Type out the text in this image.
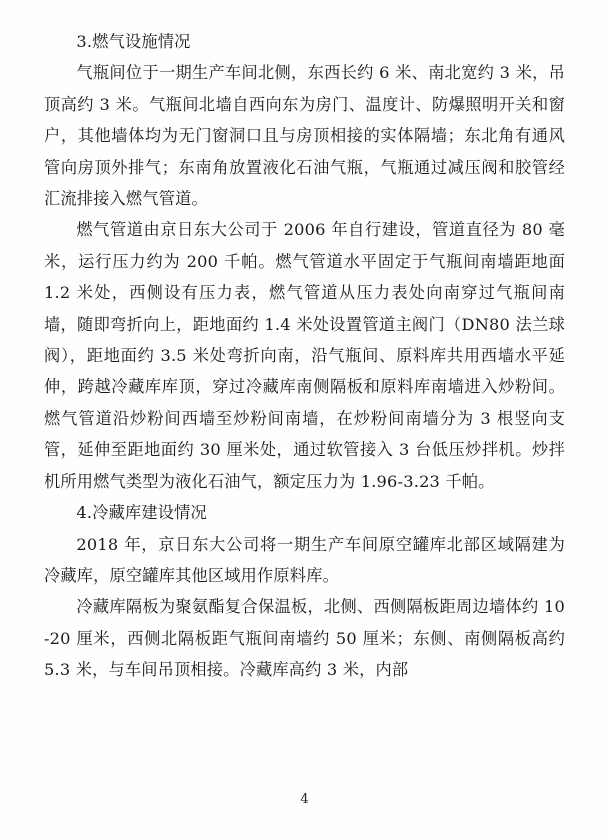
3.燃气设施情况

气瓶间位于一期生产车间北侧，东西长约 6 米、南北宽约 3 米，吊顶高约 3 米。气瓶间北墙自西向东为房门、温度计、防爆照明开关和窗户，其他墙体均为无门窗洞口且与房顶相接的实体隔墙；东北角有通风管向房顶外排气；东南角放置液化石油气瓶，气瓶通过减压阀和胶管经汇流排接入燃气管道。

燃气管道由京日东大公司于 2006 年自行建设，管道直径为 80 毫米，运行压力约为 200 千帕。燃气管道水平固定于气瓶间南墙距地面 1.2 米处，西侧设有压力表，燃气管道从压力表处向南穿过气瓶间南墙，随即弯折向上，距地面约 1.4 米处设置管道主阀门（DN80 法兰球阀），距地面约 3.5 米处弯折向南，沿气瓶间、原料库共用西墙水平延伸，跨越冷藏库库顶，穿过冷藏库南侧隔板和原料库南墙进入炒粉间。燃气管道沿炒粉间西墙至炒粉间南墙，在炒粉间南墙分为 3 根竖向支管，延伸至距地面约 30 厘米处，通过软管接入 3 台低压炒拌机。炒拌机所用燃气类型为液化石油气，额定压力为 1.96-3.23 千帕。

4.冷藏库建设情况

2018 年，京日东大公司将一期生产车间原空罐库北部区域隔建为冷藏库，原空罐库其他区域用作原料库。

冷藏库隔板为聚氨酯复合保温板，北侧、西侧隔板距周边墙体约 10-20 厘米，西侧北隔板距气瓶间南墙约 50 厘米；东侧、南侧隔板高约 5.3 米，与车间吊顶相接。冷藏库高约 3 米，内部

4
